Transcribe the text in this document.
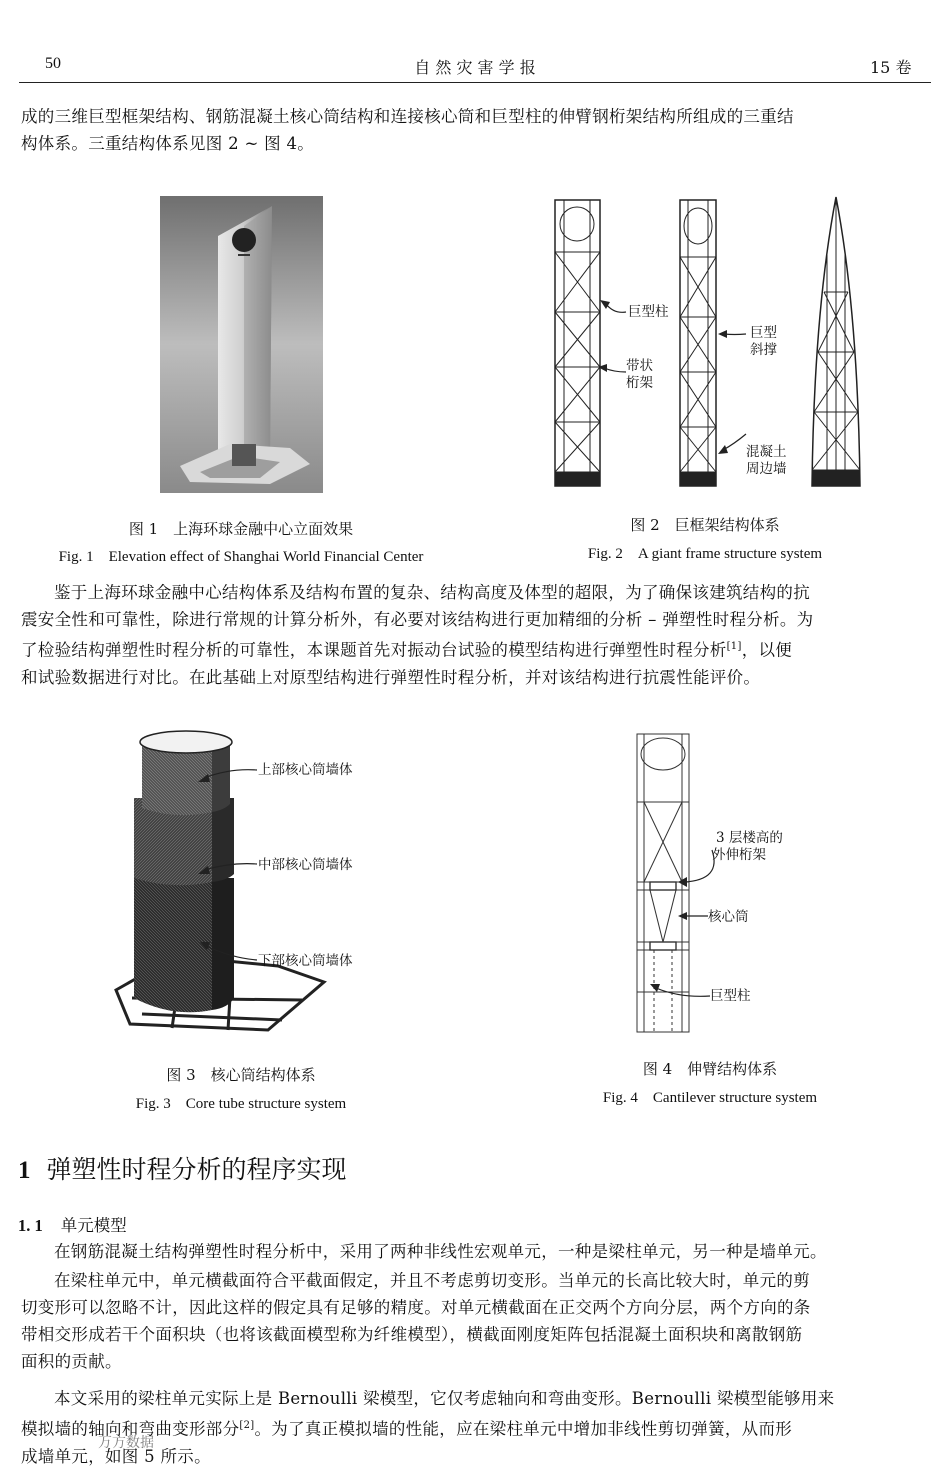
50	自 然 灾 害 学 报	15 卷
成的三维巨型框架结构、钢筋混凝土核心筒结构和连接核心筒和巨型柱的伸臂钢桁架结构所组成的三重结
构体系。三重结构体系见图 2 ~ 图 4。
图 1　上海环球金融中心立面效果
Fig. 1　Elevation effect of Shanghai World Financial Center
巨型柱
带状
桁架
巨型
斜撑
混凝土
周边墙
图 2　巨框架结构体系
Fig. 2　A giant frame structure system
鉴于上海环球金融中心结构体系及结构布置的复杂、结构高度及体型的超限，为了确保该建筑结构的抗
震安全性和可靠性，除进行常规的计算分析外，有必要对该结构进行更加精细的分析 – 弹塑性时程分析。为
了检验结构弹塑性时程分析的可靠性，本课题首先对振动台试验的模型结构进行弹塑性时程分析[1]，以便
和试验数据进行对比。在此基础上对原型结构进行弹塑性时程分析，并对该结构进行抗震性能评价。
上部核心筒墙体
中部核心筒墙体
下部核心筒墙体
图 3　核心筒结构体系
Fig. 3　Core tube structure system
3 层楼高的
外伸桁架
核心筒
巨型柱
图 4　伸臂结构体系
Fig. 4　Cantilever structure system
1 弹塑性时程分析的程序实现
1. 1 单元模型
在钢筋混凝土结构弹塑性时程分析中，采用了两种非线性宏观单元，一种是梁柱单元，另一种是墙单元。
在梁柱单元中，单元横截面符合平截面假定，并且不考虑剪切变形。当单元的长高比较大时，单元的剪
切变形可以忽略不计，因此这样的假定具有足够的精度。对单元横截面在正交两个方向分层，两个方向的条
带相交形成若干个面积块（也将该截面模型称为纤维模型），横截面刚度矩阵包括混凝土面积块和离散钢筋
面积的贡献。
本文采用的梁柱单元实际上是 Bernoulli 梁模型，它仅考虑轴向和弯曲变形。Bernoulli 梁模型能够用来
模拟墙的轴向和弯曲变形部分[2]。为了真正模拟墙的性能，应在梁柱单元中增加非线性剪切弹簧，从而形
成墙单元，如图 5 所示。
万方数据
